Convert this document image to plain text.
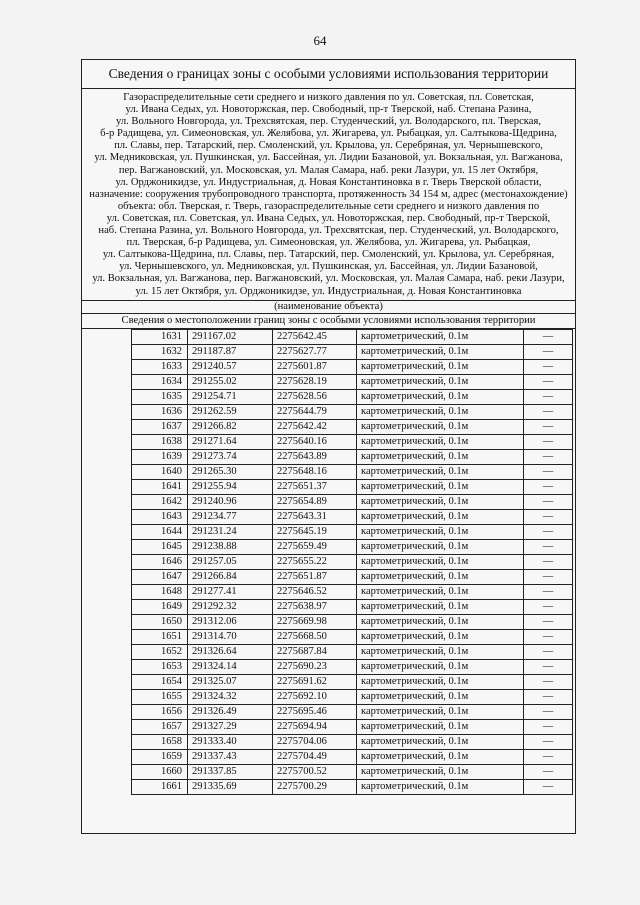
64
Сведения о границах зоны с особыми условиями использования территории
Газораспределительные сети среднего и низкого давления по ул. Советская, пл. Советская,
ул. Ивана Седых, ул. Новоторжская, пер. Свободный, пр-т Тверской, наб. Степана Разина,
ул. Вольного Новгорода, ул. Трехсвятская, пер. Студенческий, ул. Володарского, пл. Тверская,
б-р Радищева, ул. Симеоновская, ул. Желябова, ул. Жигарева, ул. Рыбацкая, ул. Салтыкова-Щедрина,
пл. Славы, пер. Татарский, пер. Смоленский, ул. Крылова, ул. Серебряная, ул. Чернышевского,
ул. Медниковская, ул. Пушкинская, ул. Бассейная, ул. Лидии Базановой, ул. Вокзальная, ул. Вагжанова,
пер. Вагжановский, ул. Московская, ул. Малая Самара, наб. реки Лазури, ул. 15 лет Октября,
ул. Орджоникидзе, ул. Индустриальная, д. Новая Константиновка в г. Тверь Тверской области,
назначение: сооружения трубопроводного транспорта, протяженность 34 154 м, адрес (местонахождение)
объекта: обл. Тверская, г. Тверь, газораспределительные сети среднего и низкого давления по
ул. Советская, пл. Советская, ул. Ивана Седых, ул. Новоторжская, пер. Свободный, пр-т Тверской,
наб. Степана Разина, ул. Вольного Новгорода, ул. Трехсвятская, пер. Студенческий, ул. Володарского,
пл. Тверская, б-р Радищева, ул. Симеоновская, ул. Желябова, ул. Жигарева, ул. Рыбацкая,
ул. Салтыкова-Щедрина, пл. Славы, пер. Татарский, пер. Смоленский, ул. Крылова, ул. Серебряная,
ул. Чернышевского, ул. Медниковская, ул. Пушкинская, ул. Бассейная, ул. Лидии Базановой,
ул. Вокзальная, ул. Вагжанова, пер. Вагжановский, ул. Московская, ул. Малая Самара, наб. реки Лазури,
ул. 15 лет Октября, ул. Орджоникидзе, ул. Индустриальная, д. Новая Константиновка
(наименование объекта)
Сведения о местоположении границ зоны с особыми условиями использования территории
1631	291167.02	2275642.45	картометрический, 0.1м	—
1632	291187.87	2275627.77	картометрический, 0.1м	—
1633	291240.57	2275601.87	картометрический, 0.1м	—
1634	291255.02	2275628.19	картометрический, 0.1м	—
1635	291254.71	2275628.56	картометрический, 0.1м	—
1636	291262.59	2275644.79	картометрический, 0.1м	—
1637	291266.82	2275642.42	картометрический, 0.1м	—
1638	291271.64	2275640.16	картометрический, 0.1м	—
1639	291273.74	2275643.89	картометрический, 0.1м	—
1640	291265.30	2275648.16	картометрический, 0.1м	—
1641	291255.94	2275651.37	картометрический, 0.1м	—
1642	291240.96	2275654.89	картометрический, 0.1м	—
1643	291234.77	2275643.31	картометрический, 0.1м	—
1644	291231.24	2275645.19	картометрический, 0.1м	—
1645	291238.88	2275659.49	картометрический, 0.1м	—
1646	291257.05	2275655.22	картометрический, 0.1м	—
1647	291266.84	2275651.87	картометрический, 0.1м	—
1648	291277.41	2275646.52	картометрический, 0.1м	—
1649	291292.32	2275638.97	картометрический, 0.1м	—
1650	291312.06	2275669.98	картометрический, 0.1м	—
1651	291314.70	2275668.50	картометрический, 0.1м	—
1652	291326.64	2275687.84	картометрический, 0.1м	—
1653	291324.14	2275690.23	картометрический, 0.1м	—
1654	291325.07	2275691.62	картометрический, 0.1м	—
1655	291324.32	2275692.10	картометрический, 0.1м	—
1656	291326.49	2275695.46	картометрический, 0.1м	—
1657	291327.29	2275694.94	картометрический, 0.1м	—
1658	291333.40	2275704.06	картометрический, 0.1м	—
1659	291337.43	2275704.49	картометрический, 0.1м	—
1660	291337.85	2275700.52	картометрический, 0.1м	—
1661	291335.69	2275700.29	картометрический, 0.1м	—
